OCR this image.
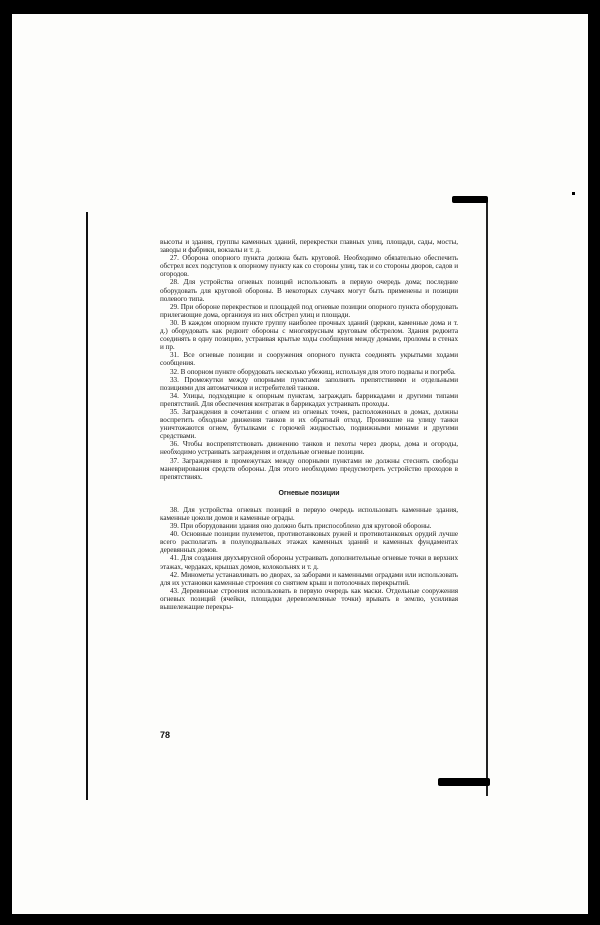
высоты и здания, группы каменных зданий, перекрестки главных улиц, площади, сады, мосты, заводы и фабрики, вокзалы и т. д.

27. Оборона опорного пункта должна быть круговой. Необходимо обязательно обеспечить обстрел всех подступов к опорному пункту как со стороны улиц, так и со стороны дворов, садов и огородов.

28. Для устройства огневых позиций использовать в первую очередь дома; последние оборудовать для круговой обороны. В некоторых случаях могут быть применены и позиции полевого типа.

29. При обороне перекрестков и площадей под огневые позиции опорного пункта оборудовать прилегающие дома, организуя из них обстрел улиц и площади.

30. В каждом опорном пункте группу наиболее прочных зданий (церкви, каменные дома и т. д.) оборудовать как редюит обороны с многоярусным круговым обстрелом. Здания редюита соединять в одну позицию, устраивая крытые ходы сообщения между домами, проломы в стенах и пр.

31. Все огневые позиции и сооружения опорного пункта соединять укрытыми ходами сообщения.

32. В опорном пункте оборудовать несколько убежищ, используя для этого подвалы и погреба.

33. Промежутки между опорными пунктами заполнять препятствиями и отдельными позициями для автоматчиков и истребителей танков.

34. Улицы, подходящие к опорным пунктам, заграждать баррикадами и другими типами препятствий. Для обеспечения контратак в баррикадах устраивать проходы.

35. Заграждения в сочетании с огнем из огневых точек, расположенных в домах, должны воспретить обходные движения танков и их обратный отход. Проникшие на улицу танки уничтожаются огнем, бутылками с горючей жидкостью, подвижными минами и другими средствами.

36. Чтобы воспрепятствовать движению танков и пехоты через дворы, дома и огороды, необходимо устраивать заграждения и отдельные огневые позиции.

37. Заграждения в промежутках между опорными пунктами не должны стеснять свободы маневрирования средств обороны. Для этого необходимо предусмотреть устройство проходов в препятствиях.

Огневые позиции

38. Для устройства огневых позиций в первую очередь использовать каменные здания, каменные цоколи домов и каменные ограды.

39. При оборудовании здания оно должно быть приспособлено для круговой обороны.

40. Основные позиции пулеметов, противотанковых ружей и противотанковых орудий лучше всего располагать в полуподвальных этажах каменных зданий и каменных фундаментах деревянных домов.

41. Для создания двухъярусной обороны устраивать дополнительные огневые точки в верхних этажах, чердаках, крышах домов, колокольнях и т. д.

42. Минометы устанавливать во дворах, за заборами и каменными оградами или использовать для их установки каменные строения со снятием крыш и потолочных перекрытий.

43. Деревянные строения использовать в первую очередь как маски. Отдельные сооружения огневых позиций (ячейки, площадки деревоземляные точки) врывать в землю, усиливая вышележащие перекры-

78
